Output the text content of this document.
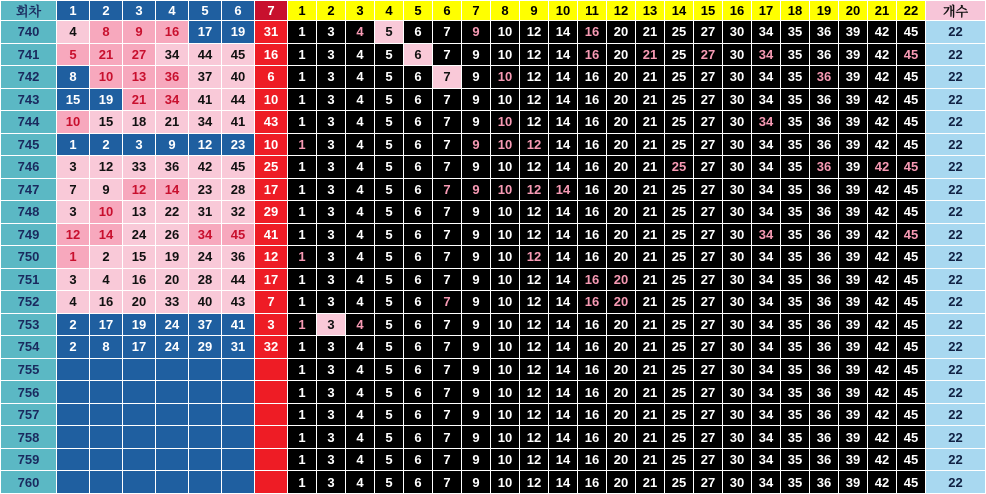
회차	1	2	3	4	5	6	7	1	2	3	4	5	6	7	8	9	10	11	12	13	14	15	16	17	18	19	20	21	22	개수
740	4	8	9	16	17	19	31	1	3	4	5	6	7	9	10	12	14	16	20	21	25	27	30	34	35	36	39	42	45	22
741	5	21	27	34	44	45	16	1	3	4	5	6	7	9	10	12	14	16	20	21	25	27	30	34	35	36	39	42	45	22
742	8	10	13	36	37	40	6	1	3	4	5	6	7	9	10	12	14	16	20	21	25	27	30	34	35	36	39	42	45	22
743	15	19	21	34	41	44	10	1	3	4	5	6	7	9	10	12	14	16	20	21	25	27	30	34	35	36	39	42	45	22
744	10	15	18	21	34	41	43	1	3	4	5	6	7	9	10	12	14	16	20	21	25	27	30	34	35	36	39	42	45	22
745	1	2	3	9	12	23	10	1	3	4	5	6	7	9	10	12	14	16	20	21	25	27	30	34	35	36	39	42	45	22
746	3	12	33	36	42	45	25	1	3	4	5	6	7	9	10	12	14	16	20	21	25	27	30	34	35	36	39	42	45	22
747	7	9	12	14	23	28	17	1	3	4	5	6	7	9	10	12	14	16	20	21	25	27	30	34	35	36	39	42	45	22
748	3	10	13	22	31	32	29	1	3	4	5	6	7	9	10	12	14	16	20	21	25	27	30	34	35	36	39	42	45	22
749	12	14	24	26	34	45	41	1	3	4	5	6	7	9	10	12	14	16	20	21	25	27	30	34	35	36	39	42	45	22
750	1	2	15	19	24	36	12	1	3	4	5	6	7	9	10	12	14	16	20	21	25	27	30	34	35	36	39	42	45	22
751	3	4	16	20	28	44	17	1	3	4	5	6	7	9	10	12	14	16	20	21	25	27	30	34	35	36	39	42	45	22
752	4	16	20	33	40	43	7	1	3	4	5	6	7	9	10	12	14	16	20	21	25	27	30	34	35	36	39	42	45	22
753	2	17	19	24	37	41	3	1	3	4	5	6	7	9	10	12	14	16	20	21	25	27	30	34	35	36	39	42	45	22
754	2	8	17	24	29	31	32	1	3	4	5	6	7	9	10	12	14	16	20	21	25	27	30	34	35	36	39	42	45	22
755								1	3	4	5	6	7	9	10	12	14	16	20	21	25	27	30	34	35	36	39	42	45	22
756								1	3	4	5	6	7	9	10	12	14	16	20	21	25	27	30	34	35	36	39	42	45	22
757								1	3	4	5	6	7	9	10	12	14	16	20	21	25	27	30	34	35	36	39	42	45	22
758								1	3	4	5	6	7	9	10	12	14	16	20	21	25	27	30	34	35	36	39	42	45	22
759								1	3	4	5	6	7	9	10	12	14	16	20	21	25	27	30	34	35	36	39	42	45	22
760								1	3	4	5	6	7	9	10	12	14	16	20	21	25	27	30	34	35	36	39	42	45	22
